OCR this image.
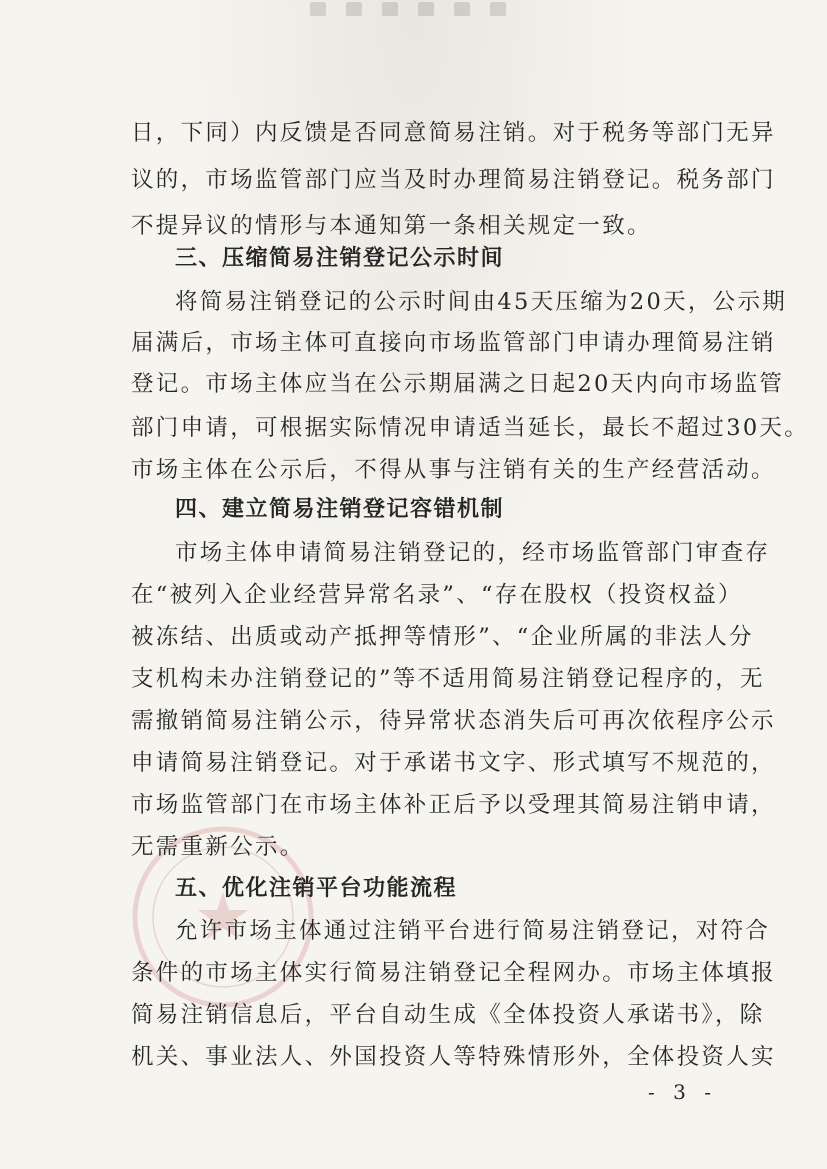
日，下同）内反馈是否同意简易注销。对于税务等部门无异

议的，市场监管部门应当及时办理简易注销登记。税务部门

不提异议的情形与本通知第一条相关规定一致。

三、压缩简易注销登记公示时间

将简易注销登记的公示时间由45天压缩为20天，公示期

届满后，市场主体可直接向市场监管部门申请办理简易注销

登记。市场主体应当在公示期届满之日起20天内向市场监管

部门申请，可根据实际情况申请适当延长，最长不超过30天。

市场主体在公示后，不得从事与注销有关的生产经营活动。

四、建立简易注销登记容错机制

市场主体申请简易注销登记的，经市场监管部门审查存

在“被列入企业经营异常名录”、“存在股权（投资权益）

被冻结、出质或动产抵押等情形”、“企业所属的非法人分

支机构未办注销登记的”等不适用简易注销登记程序的，无

需撤销简易注销公示，待异常状态消失后可再次依程序公示

申请简易注销登记。对于承诺书文字、形式填写不规范的，

市场监管部门在市场主体补正后予以受理其简易注销申请，

无需重新公示。

五、优化注销平台功能流程

允许市场主体通过注销平台进行简易注销登记，对符合

条件的市场主体实行简易注销登记全程网办。市场主体填报

简易注销信息后，平台自动生成《全体投资人承诺书》，除

机关、事业法人、外国投资人等特殊情形外，全体投资人实

- 3 -
